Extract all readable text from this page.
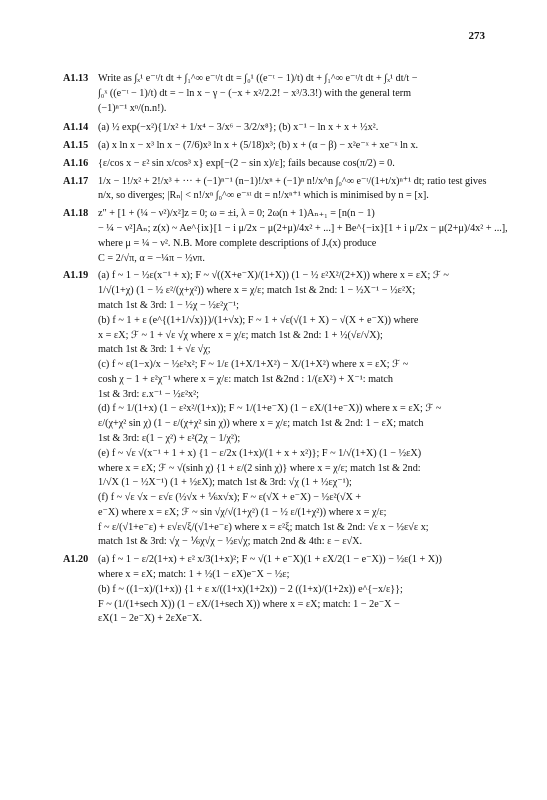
273
A1.13 Write as ∫ₓ¹ e⁻ᵗ/t dt + ∫₁^∞ e⁻ᵗ/t dt = ∫₀¹ ((e⁻ᵗ − 1)/t) dt + ∫₁^∞ e⁻ᵗ/t dt + ∫ₓ¹ dt/t −
∫₀ˣ ((e⁻ᵗ − 1)/t) dt = − ln x − γ − (−x + x²/2.2! − x³/3.3!) with the general term
(−1)ⁿ⁻¹ xⁿ/(n.n!).
A1.14 (a) ½ exp(−x²){1/x² + 1/x⁴ − 3/x⁶ − 3/2/x⁸}; (b) x⁻¹ − ln x + x + ½x².
A1.15 (a) x ln x − x³ ln x − (7/6)x³ ln x + (5/18)x³; (b) x + (α − β) − x²e⁻ˣ + xe⁻ˣ ln x.
A1.16 {ε/cos x − ε² sin x/cos³ x} exp[−(2 − sin x)/ε]; fails because cos(π/2) = 0.
A1.17 1/x − 1!/x² + 2!/x³ + ··· + (−1)ⁿ⁻¹ (n−1)!/xⁿ + (−1)ⁿ n!/x^n ∫₀^∞ e⁻ᵗ/(1+t/x)ⁿ⁺¹ dt; ratio test gives
n/x, so diverges; |Rₙ| < n!/xⁿ ∫₀^∞ e⁻ˣᵗ dt = n!/xⁿ⁺¹ which is minimised by n = [x].
A1.18 z″ + [1 + (¼ − ν²)/x²]z = 0; ω = ±i, λ = 0; 2ω(n + 1)Aₙ₊₁ = [n(n − 1)
− ¼ − ν²]Aₙ; z(x) ~ Ae^{ix}[1 − i μ/2x − μ(2+μ)/4x² + ...] + Be^{−ix}[1 + i μ/2x − μ(2+μ)/4x² + ...],
where μ = ¼ − ν². N.B. More complete descriptions of Jᵥ(x) produce
C = 2/√π, α = −¼π − ½νπ.
A1.19 (a) f ~ 1 − ½ε(x⁻¹ + x); F ~ √((X+e⁻X)/(1+X)) (1 − ½ ε²X²/(2+X)) where x = εX; ℱ ~
1/√(1+χ) (1 − ½ ε²/(χ+χ²)) where x = χ/ε; match 1st & 2nd: 1 − ½X⁻¹ − ½ε²X;
match 1st & 3rd: 1 − ½χ − ½ε²χ⁻¹;
(b) f ~ 1 + ε (e^{(1+1/√x)})/(1+√x); F ~ 1 + √ε(√(1 + X) − √(X + e⁻X)) where
x = εX; ℱ ~ 1 + √ε √χ where x = χ/ε; match 1st & 2nd: 1 + ½(√ε/√X);
match 1st & 3rd: 1 + √ε √χ;
(c) f ~ ε(1−x)/x − ½ε²x²; F ~ 1/ε (1+X/1+X²) − X/(1+X²) where x = εX; ℱ ~
cosh χ − 1 + ε²χ⁻¹ where x = χ/ε: match 1st &2nd : 1/(εX²) + X⁻¹: match
1st & 3rd: ε.x⁻¹ − ½ε²x²;
(d) f ~ 1/(1+x) (1 − ε²x²/(1+x)); F ~ 1/(1+e⁻X) (1 − εX/(1+e⁻X)) where x = εX; ℱ ~
ε/(χ+χ² sin χ) (1 − ε/(χ+χ² sin χ)) where x = χ/ε; match 1st & 2nd: 1 − εX; match
1st & 3rd: ε(1 − χ²) + ε²(2χ − 1/χ²);
(e) f ~ √ε √(x⁻¹ + 1 + x) {1 − ε/2x (1+x)/(1 + x + x²)}; F ~ 1/√(1+X) (1 − ½εX)
where x = εX; ℱ ~ √(sinh χ) {1 + ε/(2 sinh χ)} where x = χ/ε; match 1st & 2nd:
1/√X (1 − ½X⁻¹) (1 + ½εX); match 1st & 3rd: √χ (1 + ½εχ⁻¹);
(f) f ~ √ε √x − ε√ε (½√x + ⅙x√x); F ~ ε(√X + e⁻X) − ½ε²(√X +
e⁻X) where x = εX; ℱ ~ sin √χ/√(1+χ²) (1 − ½ ε/(1+χ²)) where x = χ/ε;
f ~ ε/(√1+e⁻ε) + ε√ε√ξ/(√1+e⁻ε) where x = ε²ξ; match 1st & 2nd: √ε x − ½ε√ε x;
match 1st & 3rd: √χ − ⅙χ√χ − ½ε√χ; match 2nd & 4th: ε − ε√X.
A1.20 (a) f ~ 1 − ε/2(1+x) + ε² x/3(1+x)²; F ~ √(1 + e⁻X)(1 + εX/2(1 − e⁻X)) − ½ε(1 + X))
where x = εX; match: 1 + ½(1 − εX)e⁻X − ½ε;
(b) f ~ ((1−x)/(1+x)) {1 + ε x/((1+x)(1+2x)) − 2 ((1+x)/(1+2x)) e^{−x/ε}};
F ~ (1/(1+sech X)) (1 − εX/(1+sech X)) where x = εX; match: 1 − 2e⁻X −
εX(1 − 2e⁻X) + 2εXe⁻X.
